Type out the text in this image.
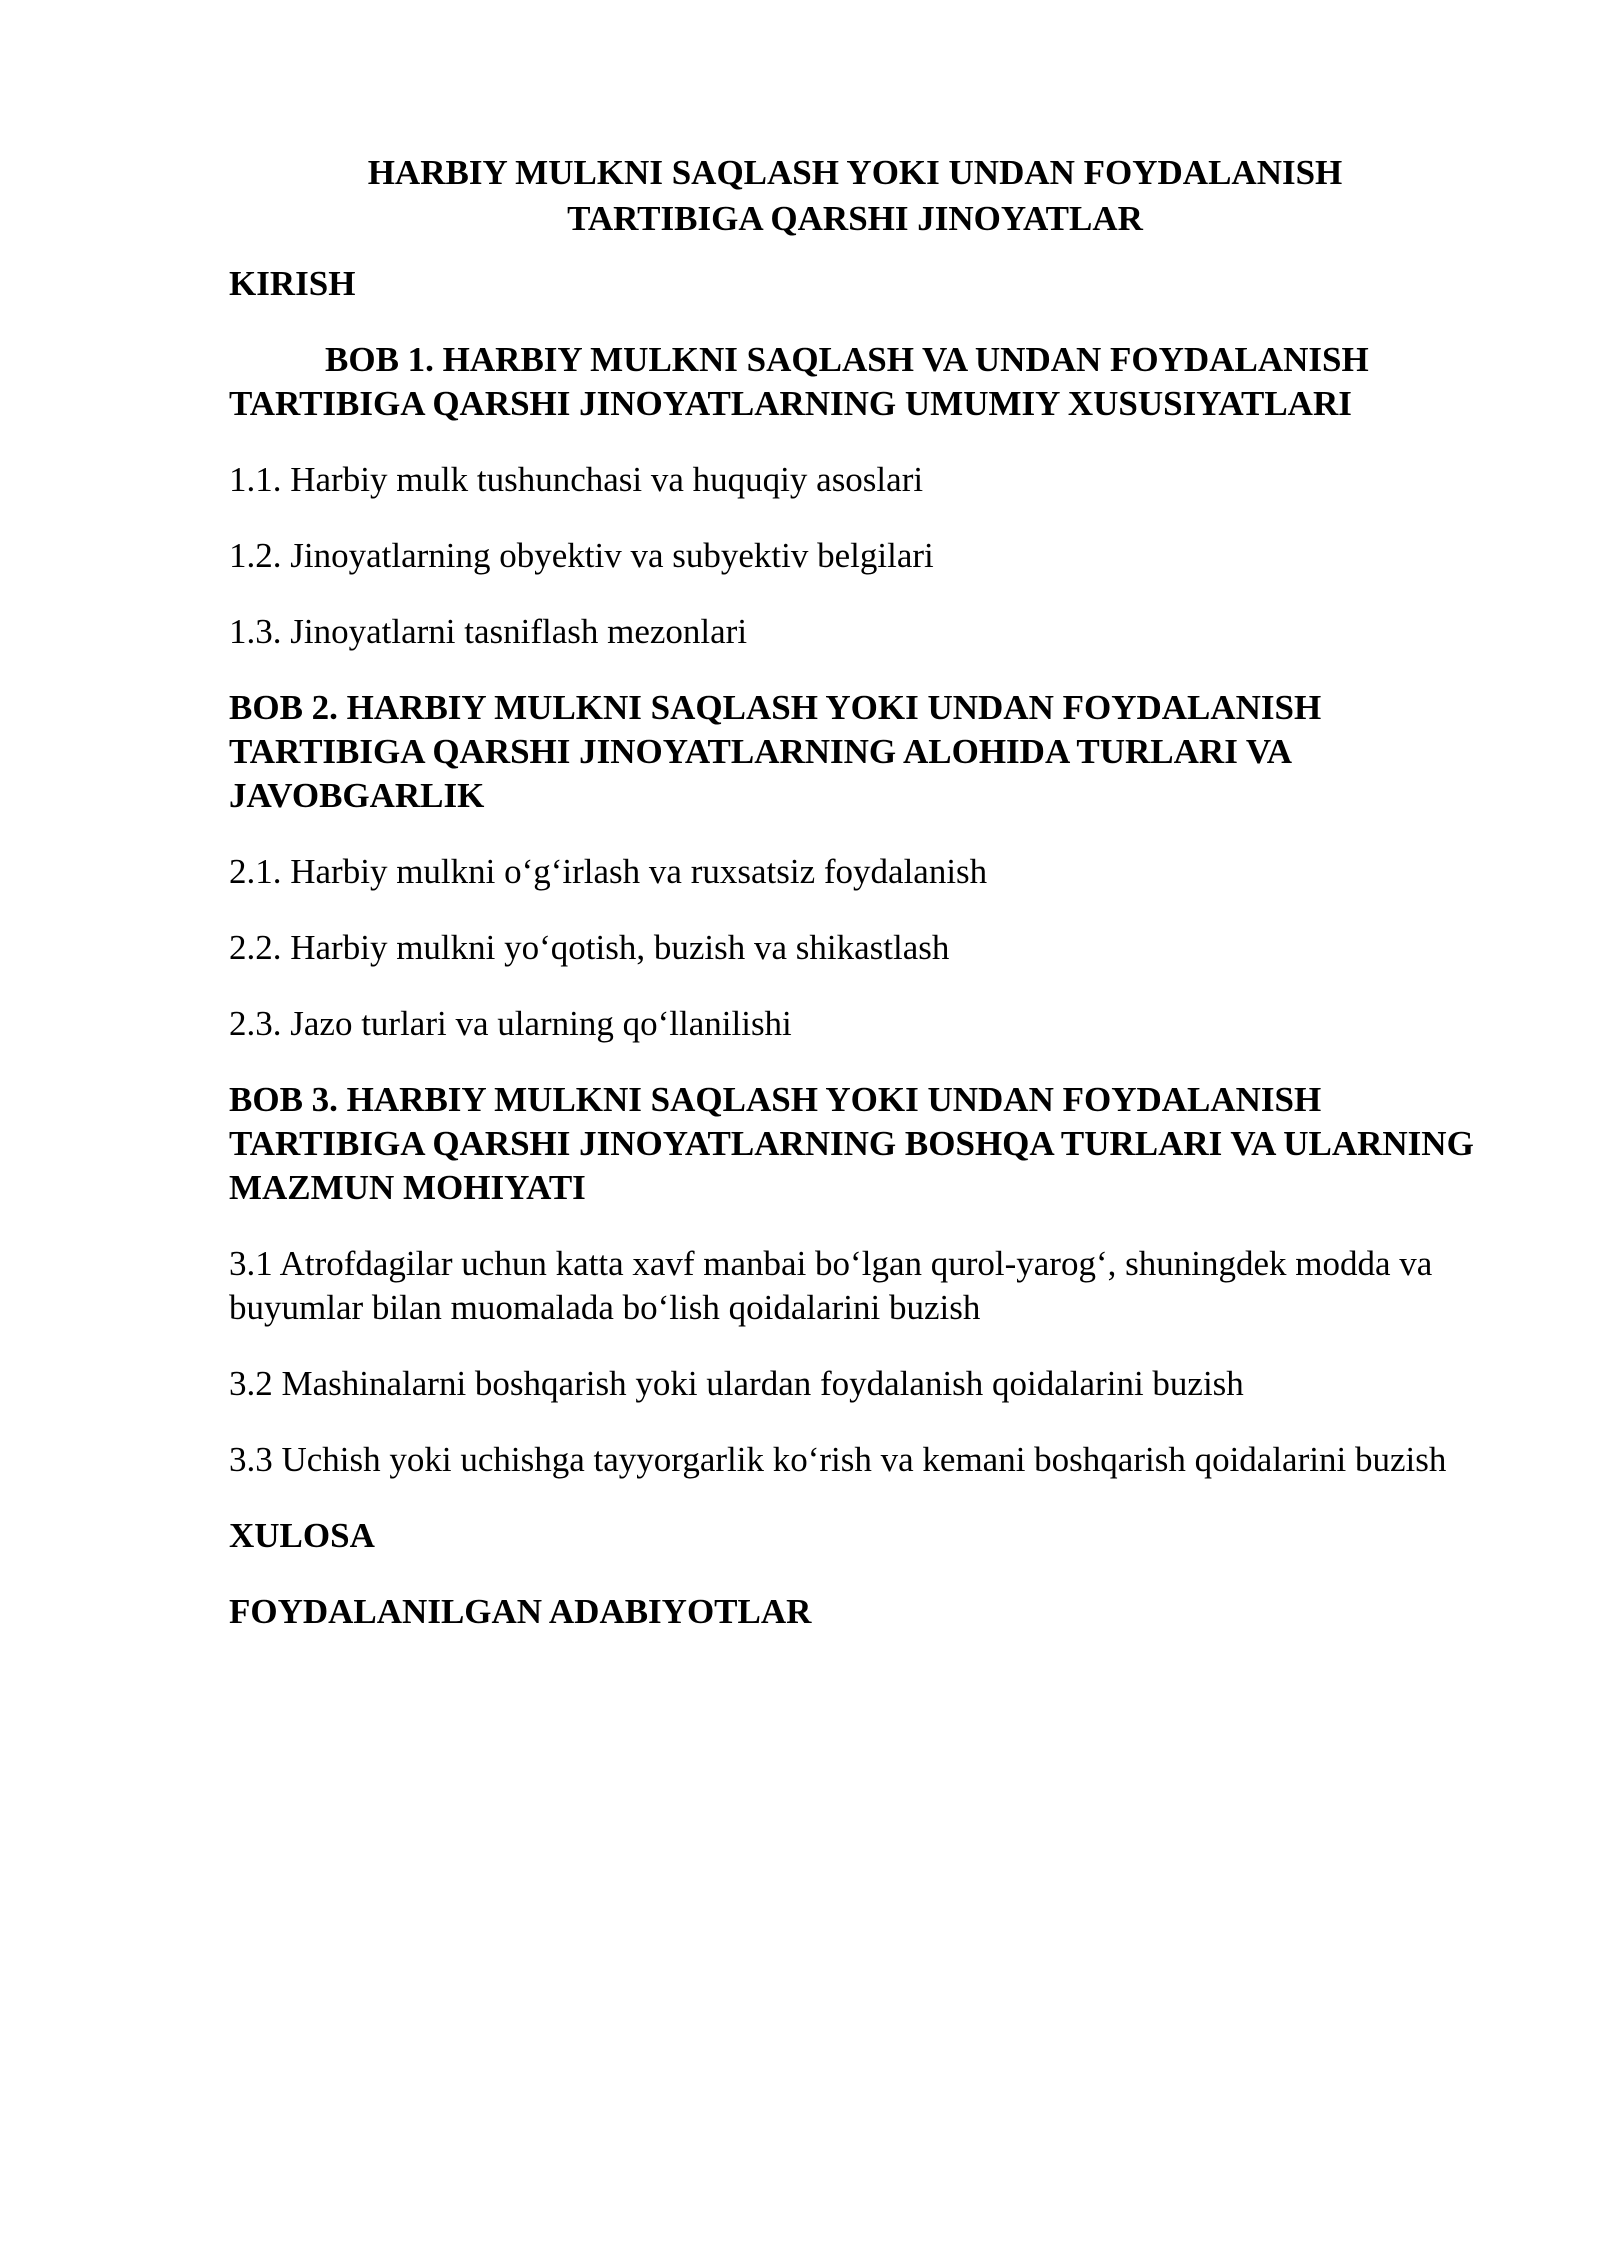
HARBIY MULKNI SAQLASH YOKI UNDAN FOYDALANISH
TARTIBIGA QARSHI JINOYATLAR

KIRISH

BOB 1. HARBIY MULKNI SAQLASH VA UNDAN FOYDALANISH TARTIBIGA QARSHI JINOYATLARNING UMUMIY XUSUSIYATLARI

1.1. Harbiy mulk tushunchasi va huquqiy asoslari

1.2. Jinoyatlarning obyektiv va subyektiv belgilari

1.3. Jinoyatlarni tasniflash mezonlari

BOB 2. HARBIY MULKNI SAQLASH YOKI UNDAN FOYDALANISH TARTIBIGA QARSHI JINOYATLARNING ALOHIDA TURLARI VA JAVOBGARLIK

2.1. Harbiy mulkni o‘g‘irlash va ruxsatsiz foydalanish

2.2. Harbiy mulkni yo‘qotish, buzish va shikastlash

2.3. Jazo turlari va ularning qo‘llanilishi

BOB 3. HARBIY MULKNI SAQLASH YOKI UNDAN FOYDALANISH TARTIBIGA QARSHI JINOYATLARNING BOSHQA TURLARI VA ULARNING MAZMUN MOHIYATI

3.1 Atrofdagilar uchun katta xavf manbai bo‘lgan qurol-yarog‘, shuningdek modda va buyumlar bilan muomalada bo‘lish qoidalarini buzish

3.2 Mashinalarni boshqarish yoki ulardan foydalanish qoidalarini buzish

3.3 Uchish yoki uchishga tayyorgarlik ko‘rish va kemani boshqarish qoidalarini buzish

XULOSA

FOYDALANILGAN ADABIYOTLAR
